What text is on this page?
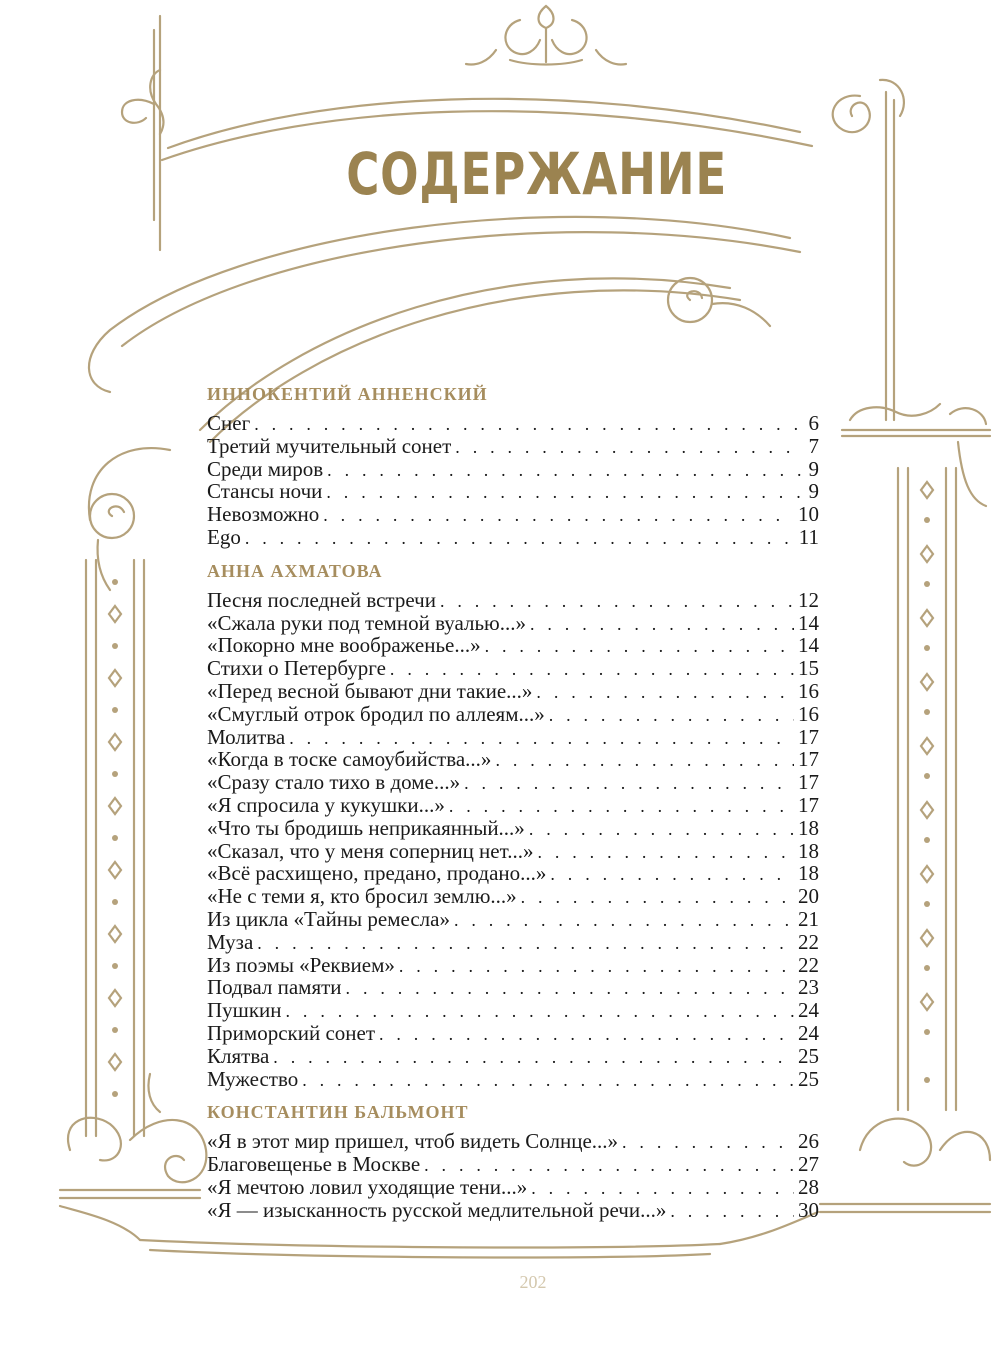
СОДЕРЖАНИЕ
ИННОКЕНТИЙ АННЕНСКИЙ
Снег . . .	6
Третий мучительный сонет . . .	7
Среди миров . . .	9
Стансы ночи . . .	9
Невозможно . . .	10
Ego . . .	11
АННА АХМАТОВА
Песня последней встречи . . .	12
«Сжала руки под темной вуалью...» . . .	14
«Покорно мне воображенье...» . . .	14
Стихи о Петербурге . . .	15
«Перед весной бывают дни такие...» . . .	16
«Смуглый отрок бродил по аллеям...» . . .	16
Молитва . . .	17
«Когда в тоске самоубийства...» . . .	17
«Сразу стало тихо в доме...» . . .	17
«Я спросила у кукушки...» . . .	17
«Что ты бродишь неприкаянный...» . . .	18
«Сказал, что у меня соперниц нет...» . . .	18
«Всё расхищено, предано, продано...» . . .	18
«Не с теми я, кто бросил землю...» . . .	20
Из цикла «Тайны ремесла» . . .	21
Муза . . .	22
Из поэмы «Реквием» . . .	22
Подвал памяти . . .	23
Пушкин . . .	24
Приморский сонет . . .	24
Клятва . . .	25
Мужество . . .	25
КОНСТАНТИН БАЛЬМОНТ
«Я в этот мир пришел, чтоб видеть Солнце...» . . .	26
Благовещенье в Москве . . .	27
«Я мечтою ловил уходящие тени...» . . .	28
«Я — изысканность русской медлительной речи...» . . .	30
202
